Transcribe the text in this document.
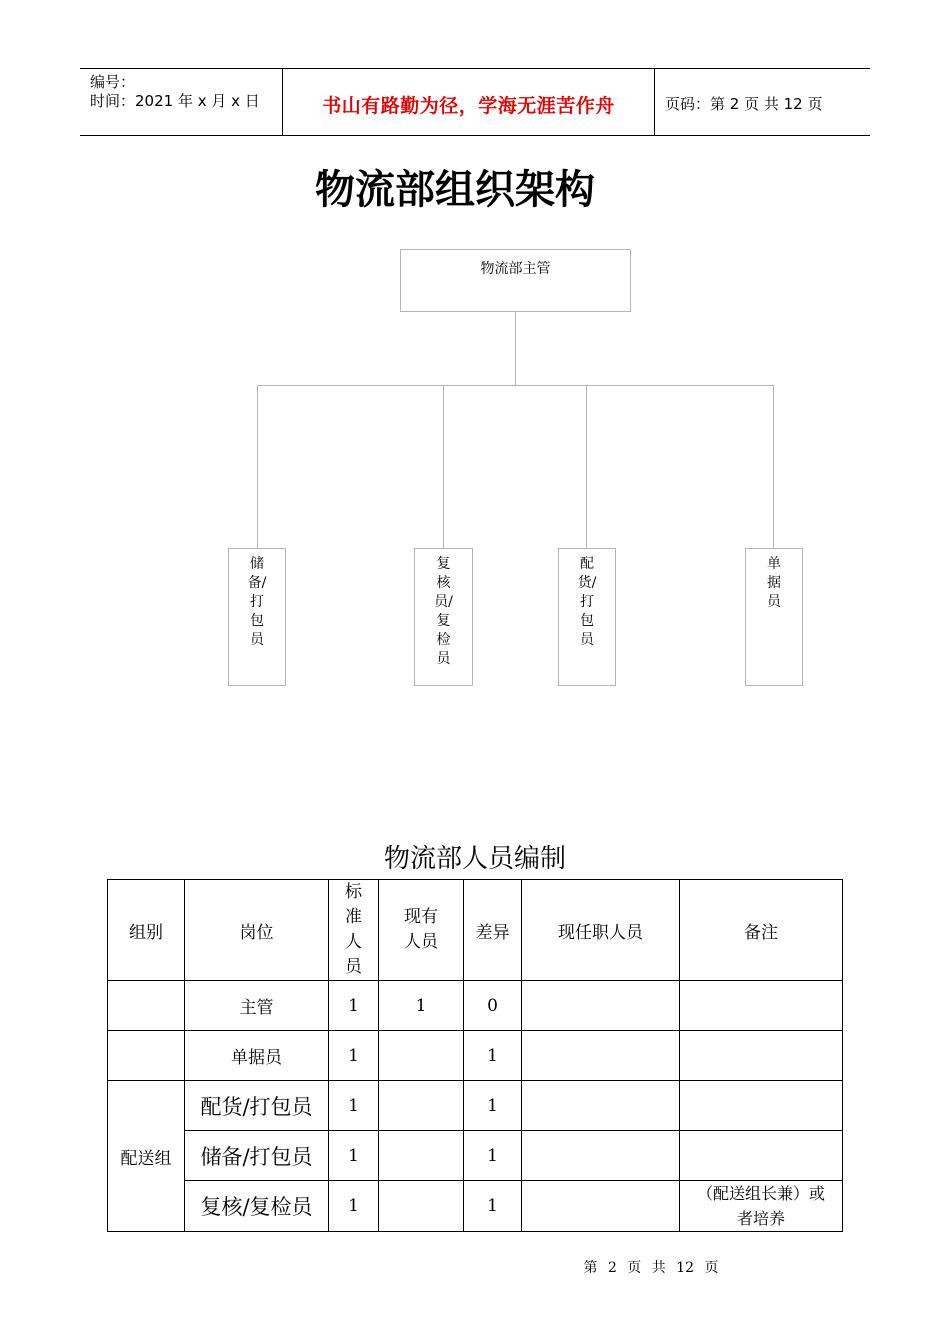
编号：
时间：2021 年 x 月 x 日	书山有路勤为径，学海无涯苦作舟	页码：第 2 页 共 12 页
物流部组织架构
物流部主管
储备/打包员
复核员/复检员
配货/打包员
单据员
物流部人员编制
组别	岗位	标准人员	现有人员	差异	现任职人员	备注
	主管	1	1	0		
	单据员	1		1		
配送组	配货/打包员	1		1		
	储备/打包员	1		1		
	复核/复检员	1		1		（配送组长兼）或者培养
第 2 页 共 12 页
